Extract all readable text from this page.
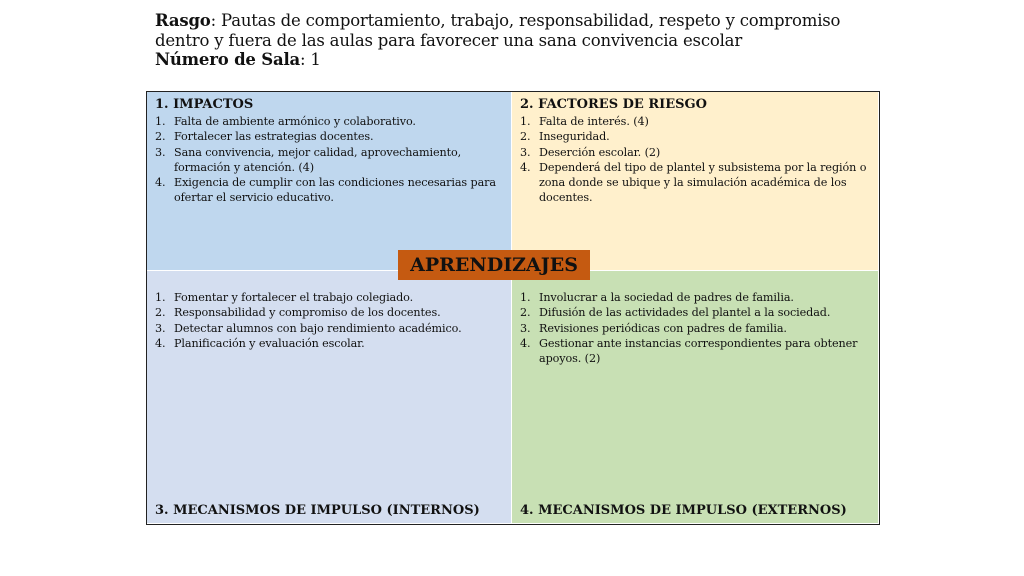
Rasgo: Pautas de comportamiento, trabajo, responsabilidad, respeto y compromiso dentro y fuera de las aulas para favorecer una sana convivencia escolar
Número de Sala: 1
1. IMPACTOS
1. Falta de ambiente armónico y colaborativo.
2. Fortalecer las estrategias docentes.
3. Sana convivencia, mejor calidad, aprovechamiento, formación y atención. (4)
4. Exigencia de cumplir con las condiciones necesarias para ofertar el servicio educativo.
2. FACTORES DE RIESGO
1. Falta de interés. (4)
2. Inseguridad.
3. Deserción escolar. (2)
4. Dependerá del tipo de plantel y subsistema por la región o zona donde se ubique y la simulación académica de los docentes.
1. Fomentar y fortalecer el trabajo colegiado.
2. Responsabilidad y compromiso de los docentes.
3. Detectar alumnos con bajo rendimiento académico.
4. Planificación y evaluación escolar.
3. MECANISMOS DE IMPULSO (INTERNOS)
1. Involucrar a la sociedad de padres de familia.
2. Difusión de las actividades del plantel a la sociedad.
3. Revisiones periódicas con padres de familia.
4. Gestionar ante instancias correspondientes para obtener apoyos. (2)
4. MECANISMOS DE IMPULSO (EXTERNOS)
APRENDIZAJES
